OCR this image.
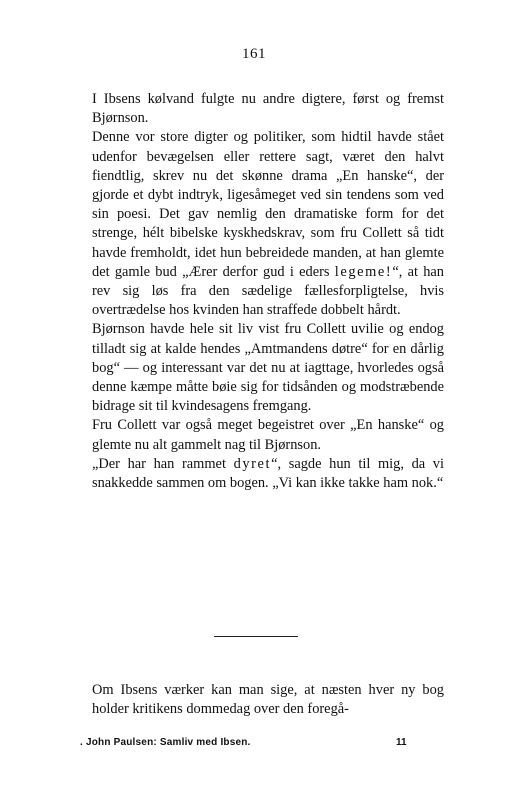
161

I Ibsens kølvand fulgte nu andre digtere, først og fremst Bjørnson.

Denne vor store digter og politiker, som hidtil havde stået udenfor bevægelsen eller rettere sagt, været den halvt fiendtlig, skrev nu det skønne drama „En hanske“, der gjorde et dybt indtryk, ligesåmeget ved sin tendens som ved sin poesi. Det gav nemlig den dramatiske form for det strenge, hélt bibelske kyskhedskrav, som fru Collett så tidt havde fremholdt, idet hun bebreidede manden, at han glemte det gamle bud „Ærer derfor gud i eders legeme!“, at han rev sig løs fra den sædelige fællesforpligtelse, hvis overtrædelse hos kvinden han straffede dobbelt hårdt.

Bjørnson havde hele sit liv vist fru Collett uvilie og endog tilladt sig at kalde hendes „Amtmandens døtre“ for en dårlig bog“ — og interessant var det nu at iagttage, hvorledes også denne kæmpe måtte bøie sig for tidsånden og modstræbende bidrage sit til kvindesagens fremgang.

Fru Collett var også meget begeistret over „En hanske“ og glemte nu alt gammelt nag til Bjørnson.

„Der har han rammet dyret“, sagde hun til mig, da vi snakkedde sammen om bogen. „Vi kan ikke takke ham nok.“

Om Ibsens værker kan man sige, at næsten hver ny bog holder kritikens dommedag over den foregå-

. John Paulsen: Samliv med Ibsen.	11
